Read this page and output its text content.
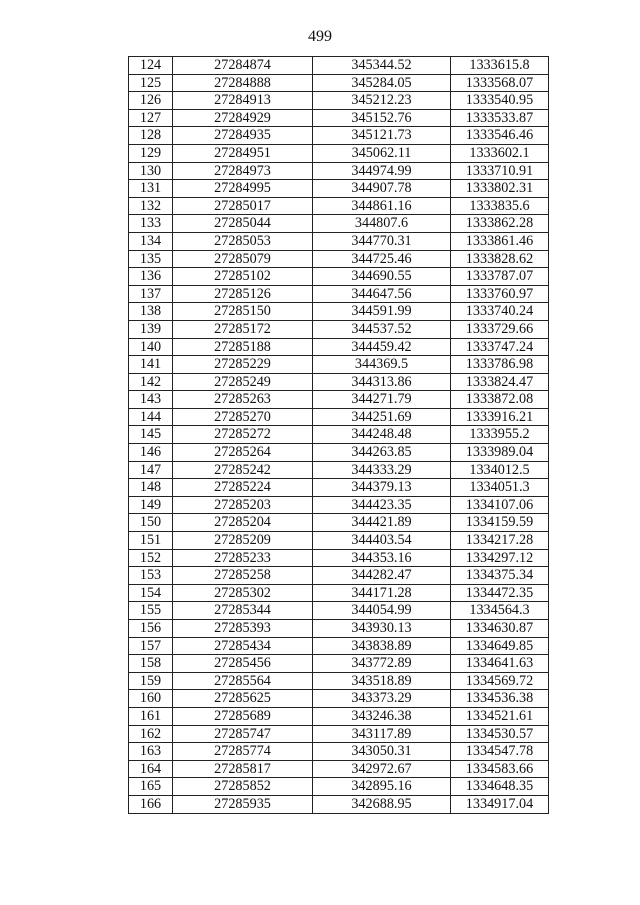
499
124	27284874	345344.52	1333615.8
125	27284888	345284.05	1333568.07
126	27284913	345212.23	1333540.95
127	27284929	345152.76	1333533.87
128	27284935	345121.73	1333546.46
129	27284951	345062.11	1333602.1
130	27284973	344974.99	1333710.91
131	27284995	344907.78	1333802.31
132	27285017	344861.16	1333835.6
133	27285044	344807.6	1333862.28
134	27285053	344770.31	1333861.46
135	27285079	344725.46	1333828.62
136	27285102	344690.55	1333787.07
137	27285126	344647.56	1333760.97
138	27285150	344591.99	1333740.24
139	27285172	344537.52	1333729.66
140	27285188	344459.42	1333747.24
141	27285229	344369.5	1333786.98
142	27285249	344313.86	1333824.47
143	27285263	344271.79	1333872.08
144	27285270	344251.69	1333916.21
145	27285272	344248.48	1333955.2
146	27285264	344263.85	1333989.04
147	27285242	344333.29	1334012.5
148	27285224	344379.13	1334051.3
149	27285203	344423.35	1334107.06
150	27285204	344421.89	1334159.59
151	27285209	344403.54	1334217.28
152	27285233	344353.16	1334297.12
153	27285258	344282.47	1334375.34
154	27285302	344171.28	1334472.35
155	27285344	344054.99	1334564.3
156	27285393	343930.13	1334630.87
157	27285434	343838.89	1334649.85
158	27285456	343772.89	1334641.63
159	27285564	343518.89	1334569.72
160	27285625	343373.29	1334536.38
161	27285689	343246.38	1334521.61
162	27285747	343117.89	1334530.57
163	27285774	343050.31	1334547.78
164	27285817	342972.67	1334583.66
165	27285852	342895.16	1334648.35
166	27285935	342688.95	1334917.04
